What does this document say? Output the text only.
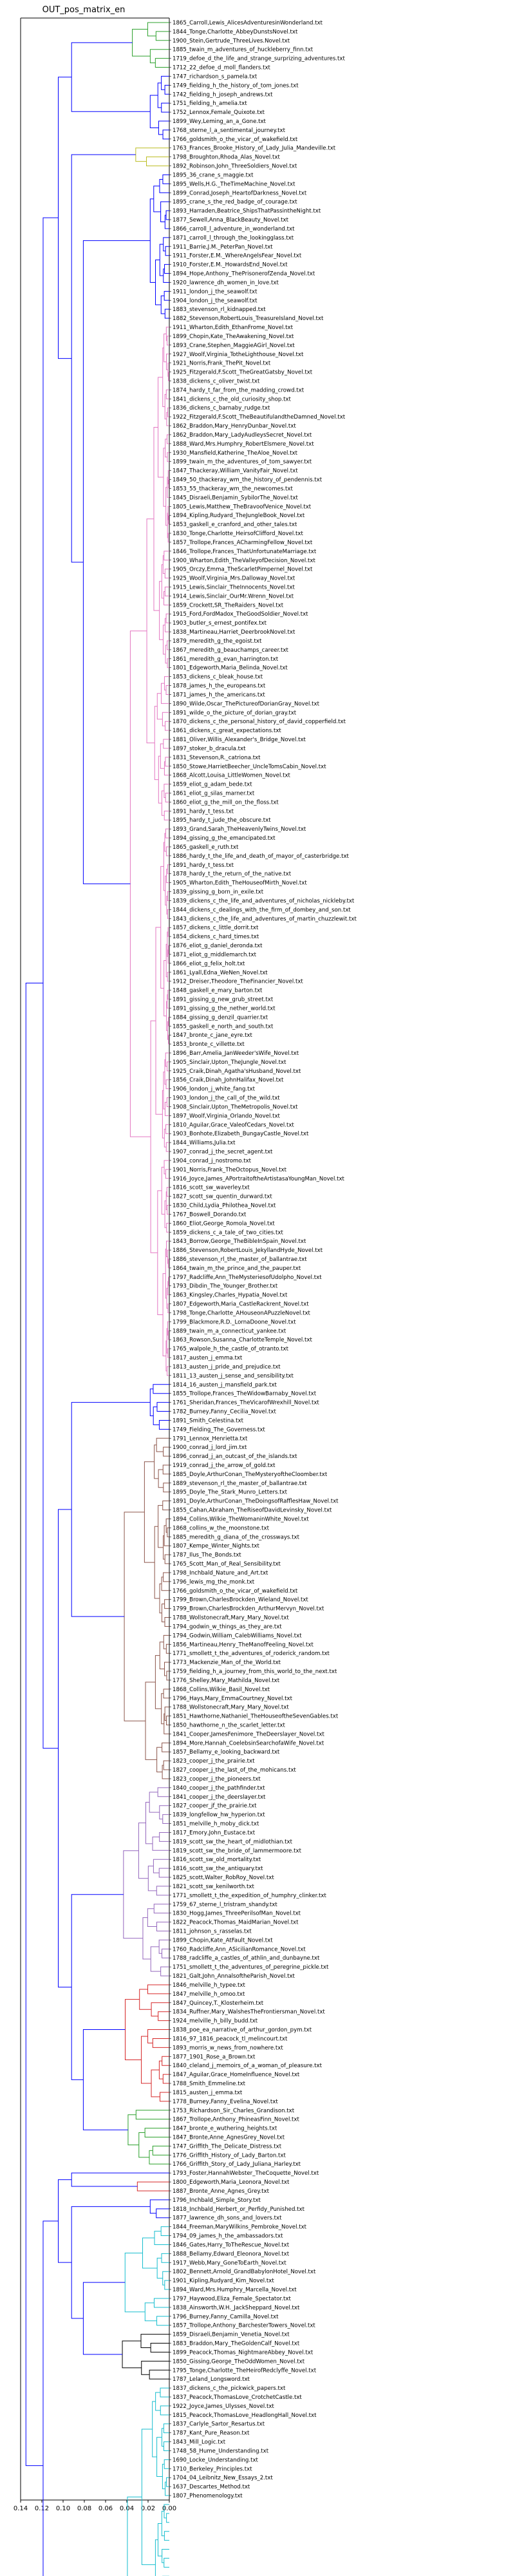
OUT_pos_matrix_en
0.14 0.12 0.10 0.08 0.06 0.04 0.02 0.00
1865_Carroll,Lewis_AlicesAdventuresinWonderland.txt
1844_Tonge,Charlotte_AbbeyDunstsNovel.txt
1900_Stein,Gertrude_ThreeLives.Novel.txt
1885_twain_m_adventures_of_huckleberry_finn.txt
1719_defoe_d_the_life_and_strange_surprizing_adventures.txt
1712_22_defoe_d_moll_flanders.txt
1747_richardson_s_pamela.txt
1749_fielding_h_the_history_of_tom_jones.txt
1742_fielding_h_joseph_andrews.txt
1751_fielding_h_amelia.txt
1752_Lennox,Female_Quixote.txt
1899_Wey,Leming_an_a_Gone.txt
1768_sterne_l_a_sentimental_journey.txt
1766_goldsmith_o_the_vicar_of_wakefield.txt
1763_Frances_Brooke_History_of_Lady_Julia_Mandeville.txt
1798_Broughton,Rhoda_Alas_Novel.txt
1892_Robinson,John_ThreeSoldiers_Novel.txt
1895_36_crane_s_maggie.txt
1895_Wells,H.G._TheTimeMachine_Novel.txt
1899_Conrad,Joseph_HeartofDarkness_Novel.txt
1895_crane_s_the_red_badge_of_courage.txt
1893_Harraden,Beatrice_ShipsThatPassintheNight.txt
1877_Sewell,Anna_BlackBeauty_Novel.txt
1866_carroll_l_adventure_in_wonderland.txt
1871_carroll_l_through_the_lookingglass.txt
1911_Barrie,J.M._PeterPan_Novel.txt
1911_Forster,E.M._WhereAngelsFear_Novel.txt
1910_Forster,E.M._HowardsEnd_Novel.txt
1894_Hope,Anthony_ThePrisonerofZenda_Novel.txt
1920_lawrence_dh_women_in_love.txt
1911_london_j_the_seawolf.txt
1904_london_j_the_seawolf.txt
1883_stevenson_rl_kidnapped.txt
1882_Stevenson,RobertLouis_TreasureIsland_Novel.txt
1911_Wharton,Edith_EthanFrome_Novel.txt
1899_Chopin,Kate_TheAwakening_Novel.txt
1893_Crane,Stephen_MaggieAGirl_Novel.txt
1927_Woolf,Virginia_TotheLighthouse_Novel.txt
1921_Norris,Frank_ThePit_Novel.txt
1925_Fitzgerald,F.Scott_TheGreatGatsby_Novel.txt
1838_dickens_c_oliver_twist.txt
1874_hardy_t_far_from_the_madding_crowd.txt
1841_dickens_c_the_old_curiosity_shop.txt
1836_dickens_c_barnaby_rudge.txt
1922_Fitzgerald,F.Scott_TheBeautifulandtheDamned_Novel.txt
1862_Braddon,Mary_HenryDunbar_Novel.txt
1862_Braddon,Mary_LadyAudleysSecret_Novel.txt
1888_Ward,Mrs.Humphry_RobertElsmere_Novel.txt
1930_Mansfield,Katherine_TheAloe_Novel.txt
1899_twain_m_the_adventures_of_tom_sawyer.txt
1847_Thackeray,William_VanityFair_Novel.txt
1849_50_thackeray_wm_the_history_of_pendennis.txt
1853_55_thackeray_wm_the_newcomes.txt
1845_Disraeli,Benjamin_SybilorThe_Novel.txt
1805_Lewis,Matthew_TheBravoofVenice_Novel.txt
1894_Kipling,Rudyard_TheJungleBook_Novel.txt
1853_gaskell_e_cranford_and_other_tales.txt
1830_Tonge,Charlotte_HeirsofClifford_Novel.txt
1857_Trollope,Frances_ACharmingFellow_Novel.txt
1846_Trollope,Frances_ThatUnfortunateMarriage.txt
1900_Wharton,Edith_TheValleyofDecision_Novel.txt
1905_Orczy,Emma_TheScarletPimpernel_Novel.txt
1925_Woolf,Virginia_Mrs.Dalloway_Novel.txt
1915_Lewis,Sinclair_TheInnocents_Novel.txt
1914_Lewis,Sinclair_OurMr.Wrenn_Novel.txt
1859_Crockett,SR_TheRaiders_Novel.txt
1915_Ford,FordMadox_TheGoodSoldier_Novel.txt
1903_butler_s_ernest_pontifex.txt
1838_Martineau,Harriet_DeerbrookNovel.txt
1879_meredith_g_the_egoist.txt
1867_meredith_g_beauchamps_career.txt
1861_meredith_g_evan_harrington.txt
1801_Edgeworth,Maria_Belinda_Novel.txt
1853_dickens_c_bleak_house.txt
1878_james_h_the_europeans.txt
1871_james_h_the_americans.txt
1890_Wilde,Oscar_ThePictureofDorianGray_Novel.txt
1891_wilde_o_the_picture_of_dorian_gray.txt
1870_dickens_c_the_personal_history_of_david_copperfield.txt
1861_dickens_c_great_expectations.txt
1881_Oliver,Willis_Alexander's_Bridge_Novel.txt
1897_stoker_b_dracula.txt
1831_Stevenson,R._catriona.txt
1850_Stowe,HarrietBeecher_UncleTomsCabin_Novel.txt
1868_Alcott,Louisa_LittleWomen_Novel.txt
1859_eliot_g_adam_bede.txt
1861_eliot_g_silas_marner.txt
1860_eliot_g_the_mill_on_the_floss.txt
1891_hardy_t_tess.txt
1895_hardy_t_jude_the_obscure.txt
1893_Grand,Sarah_TheHeavenlyTwins_Novel.txt
1894_gissing_g_the_emancipated.txt
1865_gaskell_e_ruth.txt
1886_hardy_t_the_life_and_death_of_mayor_of_casterbridge.txt
1891_hardy_t_tess.txt
1878_hardy_t_the_return_of_the_native.txt
1905_Wharton,Edith_TheHouseofMirth_Novel.txt
1839_gissing_g_born_in_exile.txt
1839_dickens_c_the_life_and_adventures_of_nicholas_nickleby.txt
1844_dickens_c_dealings_with_the_firm_of_dombey_and_son.txt
1843_dickens_c_the_life_and_adventures_of_martin_chuzzlewit.txt
1857_dickens_c_little_dorrit.txt
1854_dickens_c_hard_times.txt
1876_eliot_g_daniel_deronda.txt
1871_eliot_g_middlemarch.txt
1866_eliot_g_felix_holt.txt
1861_Lyall,Edna_WeNen_Novel.txt
1912_Dreiser,Theodore_TheFinancier_Novel.txt
1848_gaskell_e_mary_barton.txt
1891_gissing_g_new_grub_street.txt
1891_gissing_g_the_nether_world.txt
1884_gissing_g_denzil_quarrier.txt
1855_gaskell_e_north_and_south.txt
1847_bronte_c_jane_eyre.txt
1853_bronte_c_villette.txt
1896_Barr,Amelia_JanWeeder'sWife_Novel.txt
1905_Sinclair,Upton_TheJungle_Novel.txt
1925_Craik,Dinah_Agatha'sHusband_Novel.txt
1856_Craik,Dinah_JohnHalifax_Novel.txt
1906_london_j_white_fang.txt
1903_london_j_the_call_of_the_wild.txt
1908_Sinclair,Upton_TheMetropolis_Novel.txt
1897_Woolf,Virginia_Orlando_Novel.txt
1810_Aguilar,Grace_ValeofCedars_Novel.txt
1903_Bonhote,Elizabeth_BungayCastle_Novel.txt
1844_Williams,Julia.txt
1907_conrad_j_the_secret_agent.txt
1904_conrad_j_nostromo.txt
1901_Norris,Frank_TheOctopus_Novel.txt
1916_Joyce,James_APortraitoftheArtistasaYoungMan_Novel.txt
1816_scott_sw_waverley.txt
1827_scott_sw_quentin_durward.txt
1830_Child,Lydia_Philothea_Novel.txt
1767_Boswell_Dorando.txt
1860_Eliot,George_Romola_Novel.txt
1859_dickens_c_a_tale_of_two_cities.txt
1843_Borrow,George_TheBibleInSpain_Novel.txt
1886_Stevenson,RobertLouis_JekyllandHyde_Novel.txt
1886_stevenson_rl_the_master_of_ballantrae.txt
1864_twain_m_the_prince_and_the_pauper.txt
1797_Radcliffe,Ann_TheMysteriesofUdolpho_Novel.txt
1793_Dibdin_The_Younger_Brother.txt
1863_Kingsley,Charles_Hypatia_Novel.txt
1807_Edgeworth,Maria_CastleRackrent_Novel.txt
1798_Tonge,Charlotte_AHouseonAPuzzleNovel.txt
1799_Blackmore,R.D._LornaDoone_Novel.txt
1889_twain_m_a_connecticut_yankee.txt
1863_Rowson,Susanna_CharlotteTemple_Novel.txt
1765_walpole_h_the_castle_of_otranto.txt
1817_austen_j_emma.txt
1813_austen_j_pride_and_prejudice.txt
1811_13_austen_j_sense_and_sensibility.txt
1814_16_austen_j_mansfield_park.txt
1855_Trollope,Frances_TheWidowBarnaby_Novel.txt
1761_Sheridan,Frances_TheVicarofWrexhill_Novel.txt
1782_Burney,Fanny_Cecilia_Novel.txt
1891_Smith_Celestina.txt
1749_Fielding_The_Governess.txt
1791_Lennox_Henrietta.txt
1900_conrad_j_lord_jim.txt
1896_conrad_j_an_outcast_of_the_islands.txt
1919_conrad_j_the_arrow_of_gold.txt
1885_Doyle,ArthurConan_TheMysteryoftheCloomber.txt
1889_stevenson_rl_the_master_of_ballantrae.txt
1895_Doyle_The_Stark_Munro_Letters.txt
1891_Doyle,ArthurConan_TheDoingsofRafflesHaw_Novel.txt
1855_Cahan,Abraham_TheRiseofDavidLevinsky_Novel.txt
1894_Collins,Wilkie_TheWomaninWhite_Novel.txt
1868_collins_w_the_moonstone.txt
1885_meredith_g_diana_of_the_crossways.txt
1807_Kempe_Winter_Nights.txt
1787_Ilus_The_Bonds.txt
1765_Scott_Man_of_Real_Sensibility.txt
1798_Inchbald_Nature_and_Art.txt
1796_lewis_mg_the_monk.txt
1766_goldsmith_o_the_vicar_of_wakefield.txt
1799_Brown,CharlesBrockden_Wieland_Novel.txt
1799_Brown,CharlesBrockden_ArthurMervyn_Novel.txt
1788_Wollstonecraft,Mary_Mary_Novel.txt
1794_godwin_w_things_as_they_are.txt
1794_Godwin,William_CalebWilliams_Novel.txt
1856_Martineau,Henry_TheManofFeeling_Novel.txt
1771_smollett_t_the_adventures_of_roderick_random.txt
1773_Mackenzie_Man_of_the_World.txt
1759_fielding_h_a_journey_from_this_world_to_the_next.txt
1776_Shelley,Mary_Mathilda_Novel.txt
1868_Collins,Wilkie_Basil_Novel.txt
1796_Hays,Mary_EmmaCourtney_Novel.txt
1788_Wollstonecraft,Mary_Mary_Novel.txt
1851_Hawthorne,Nathaniel_TheHouseoftheSevenGables.txt
1850_hawthorne_n_the_scarlet_letter.txt
1841_Cooper,JamesFenimore_TheDeerslayer_Novel.txt
1894_More,Hannah_CoelebsinSearchofaWife_Novel.txt
1857_Bellamy_e_looking_backward.txt
1823_cooper_j_the_prairie.txt
1827_cooper_j_the_last_of_the_mohicans.txt
1823_cooper_j_the_pioneers.txt
1840_cooper_j_the_pathfinder.txt
1841_cooper_j_the_deerslayer.txt
1827_cooper_jf_the_prairie.txt
1839_longfellow_hw_hyperion.txt
1851_melville_h_moby_dick.txt
1817_Emory,John_Eustace.txt
1819_scott_sw_the_heart_of_midlothian.txt
1819_scott_sw_the_bride_of_lammermoore.txt
1816_scott_sw_old_mortality.txt
1816_scott_sw_the_antiquary.txt
1825_scott,Walter_RobRoy_Novel.txt
1821_scott_sw_kenilworth.txt
1771_smollett_t_the_expedition_of_humphry_clinker.txt
1759_67_sterne_l_tristram_shandy.txt
1830_Hogg,James_ThreePerilsofMan_Novel.txt
1822_Peacock,Thomas_MaidMarian_Novel.txt
1811_johnson_s_rasselas.txt
1899_Chopin,Kate_AtFault_Novel.txt
1760_Radcliffe,Ann_ASicilianRomance_Novel.txt
1788_radcliffe_a_castles_of_athlin_and_dunbayne.txt
1751_smollett_t_the_adventures_of_peregrine_pickle.txt
1821_Galt,John_AnnalsoftheParish_Novel.txt
1846_melville_h_typee.txt
1847_melville_h_omoo.txt
1847_Quincey,T._Klosterheim.txt
1834_Ruffner,Mary_WalshesTheFrontiersman_Novel.txt
1924_melville_h_billy_budd.txt
1838_poe_ea_narrative_of_arthur_gordon_pym.txt
1816_97_1816_peacock_tl_melincourt.txt
1893_morris_w_news_from_nowhere.txt
1877_1901_Rose_a_Brown.txt
1840_cleland_j_memoirs_of_a_woman_of_pleasure.txt
1847_Aguilar,Grace_HomeInfluence_Novel.txt
1788_Smith_Emmeline.txt
1815_austen_j_emma.txt
1778_Burney,Fanny_Evelina_Novel.txt
1753_Richardson_Sir_Charles_Grandison.txt
1867_Trollope,Anthony_PhineasFinn_Novel.txt
1847_bronte_e_wuthering_heights.txt
1847_Bronte,Anne_AgnesGrey_Novel.txt
1747_Griffith_The_Delicate_Distress.txt
1776_Griffith_History_of_Lady_Barton.txt
1766_Griffith_Story_of_Lady_Juliana_Harley.txt
1793_Foster,HannahWebster_TheCoquette_Novel.txt
1800_Edgeworth,Maria_Leonora_Novel.txt
1887_Bronte_Anne_Agnes_Grey.txt
1796_Inchbald_Simple_Story.txt
1818_Inchbald_Herbert_or_Perfidy_Punished.txt
1877_lawrence_dh_sons_and_lovers.txt
1844_Freeman,MaryWilkins_Pembroke_Novel.txt
1794_09_james_h_the_ambassadors.txt
1846_Gates,Harry_ToTheRescue_Novel.txt
1888_Bellamy,Edward_Eleonora_Novel.txt
1917_Webb,Mary_GoneToEarth_Novel.txt
1802_Bennett,Arnold_GrandBabylonHotel_Novel.txt
1901_Kipling,Rudyard_Kim_Novel.txt
1894_Ward,Mrs.Humphry_Marcella_Novel.txt
1797_Haywood,Eliza_Female_Spectator.txt
1838_Ainsworth,W.H._JackSheppard_Novel.txt
1796_Burney,Fanny_Camilla_Novel.txt
1857_Trollope,Anthony_BarchesterTowers_Novel.txt
1859_Disraeli,Benjamin_Venetia_Novel.txt
1883_Braddon,Mary_TheGoldenCalf_Novel.txt
1899_Peacock,Thomas_NightmareAbbey_Novel.txt
1850_Gissing,George_TheOddWomen_Novel.txt
1795_Tonge,Charlotte_TheHeirofRedclyffe_Novel.txt
1787_Leland_Longsword.txt
1837_dickens_c_the_pickwick_papers.txt
1837_Peacock,ThomasLove_CrotchetCastle.txt
1922_Joyce,James_Ulysses_Novel.txt
1815_Peacock,ThomasLove_HeadlongHall_Novel.txt
1837_Carlyle_Sartor_Resartus.txt
1787_Kant_Pure_Reason.txt
1843_Mill_Logic.txt
1748_58_Hume_Understanding.txt
1690_Locke_Understanding.txt
1710_Berkeley_Principles.txt
1704_04_Leibnitz_New_Essays_2.txt
1637_Descartes_Method.txt
1807_Phenomenology.txt
